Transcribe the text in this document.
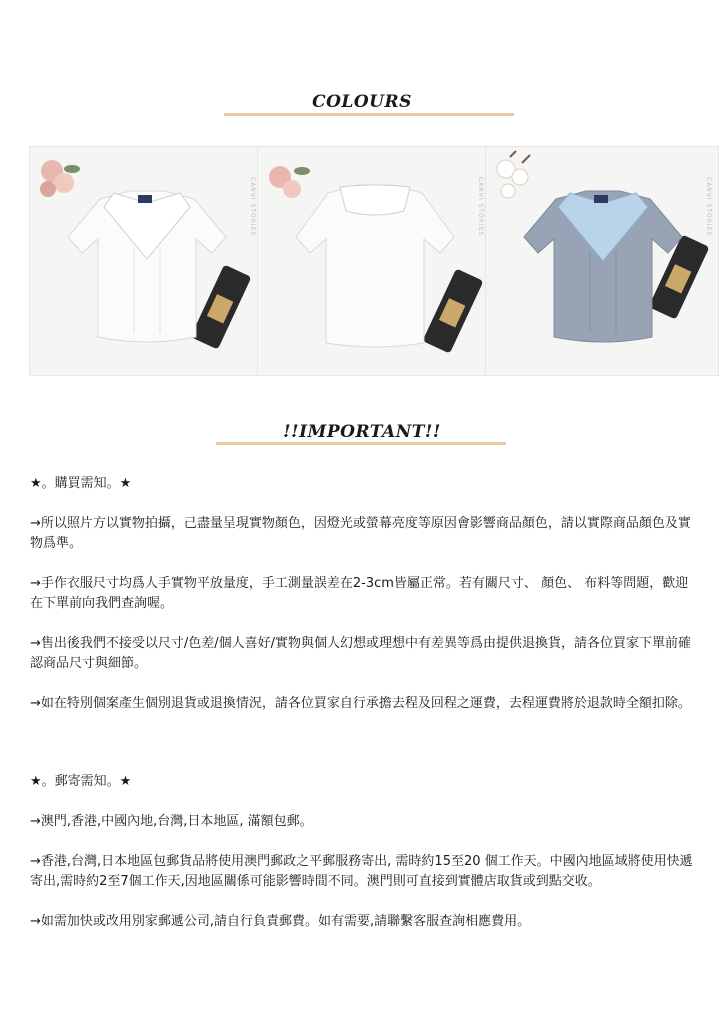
COLOURS
CANVI STORIES	CANVI STORIES	CANVI STORIES
!!IMPORTANT!!

★。購買需知。★

→所以照片方以實物拍攝，己盡量呈現實物顏色，因燈光或螢幕亮度等原因會影響商品顏色，請以實際商品顏色及實物爲準。

→手作衣服尺寸均爲人手實物平放量度，手工測量誤差在2-3cm皆屬正常。若有關尺寸、 顏色、 布料等問題，歡迎在下單前向我們查詢喔。

→售出後我們不接受以尺寸/色差/個人喜好/實物與個人幻想或理想中有差異等爲由提供退換貨，請各位買家下單前確認商品尺寸與細節。

→如在特別個案產生個別退貨或退換情況，請各位買家自行承擔去程及回程之運費，去程運費將於退款時全額扣除。

★。郵寄需知。★

→澳門,香港,中國內地,台灣,日本地區, 滿額包郵。

→香港,台灣,日本地區包郵貨品將使用澳門郵政之平郵服務寄出, 需時約15至20 個工作天。中國內地區域將使用快遞寄出,需時約2至7個工作天,因地區關係可能影響時間不同。澳門則可直接到實體店取貨或到點交收。

→如需加快或改用別家郵遞公司,請自行負責郵費。如有需要,請聯繫客服查詢相應費用。
